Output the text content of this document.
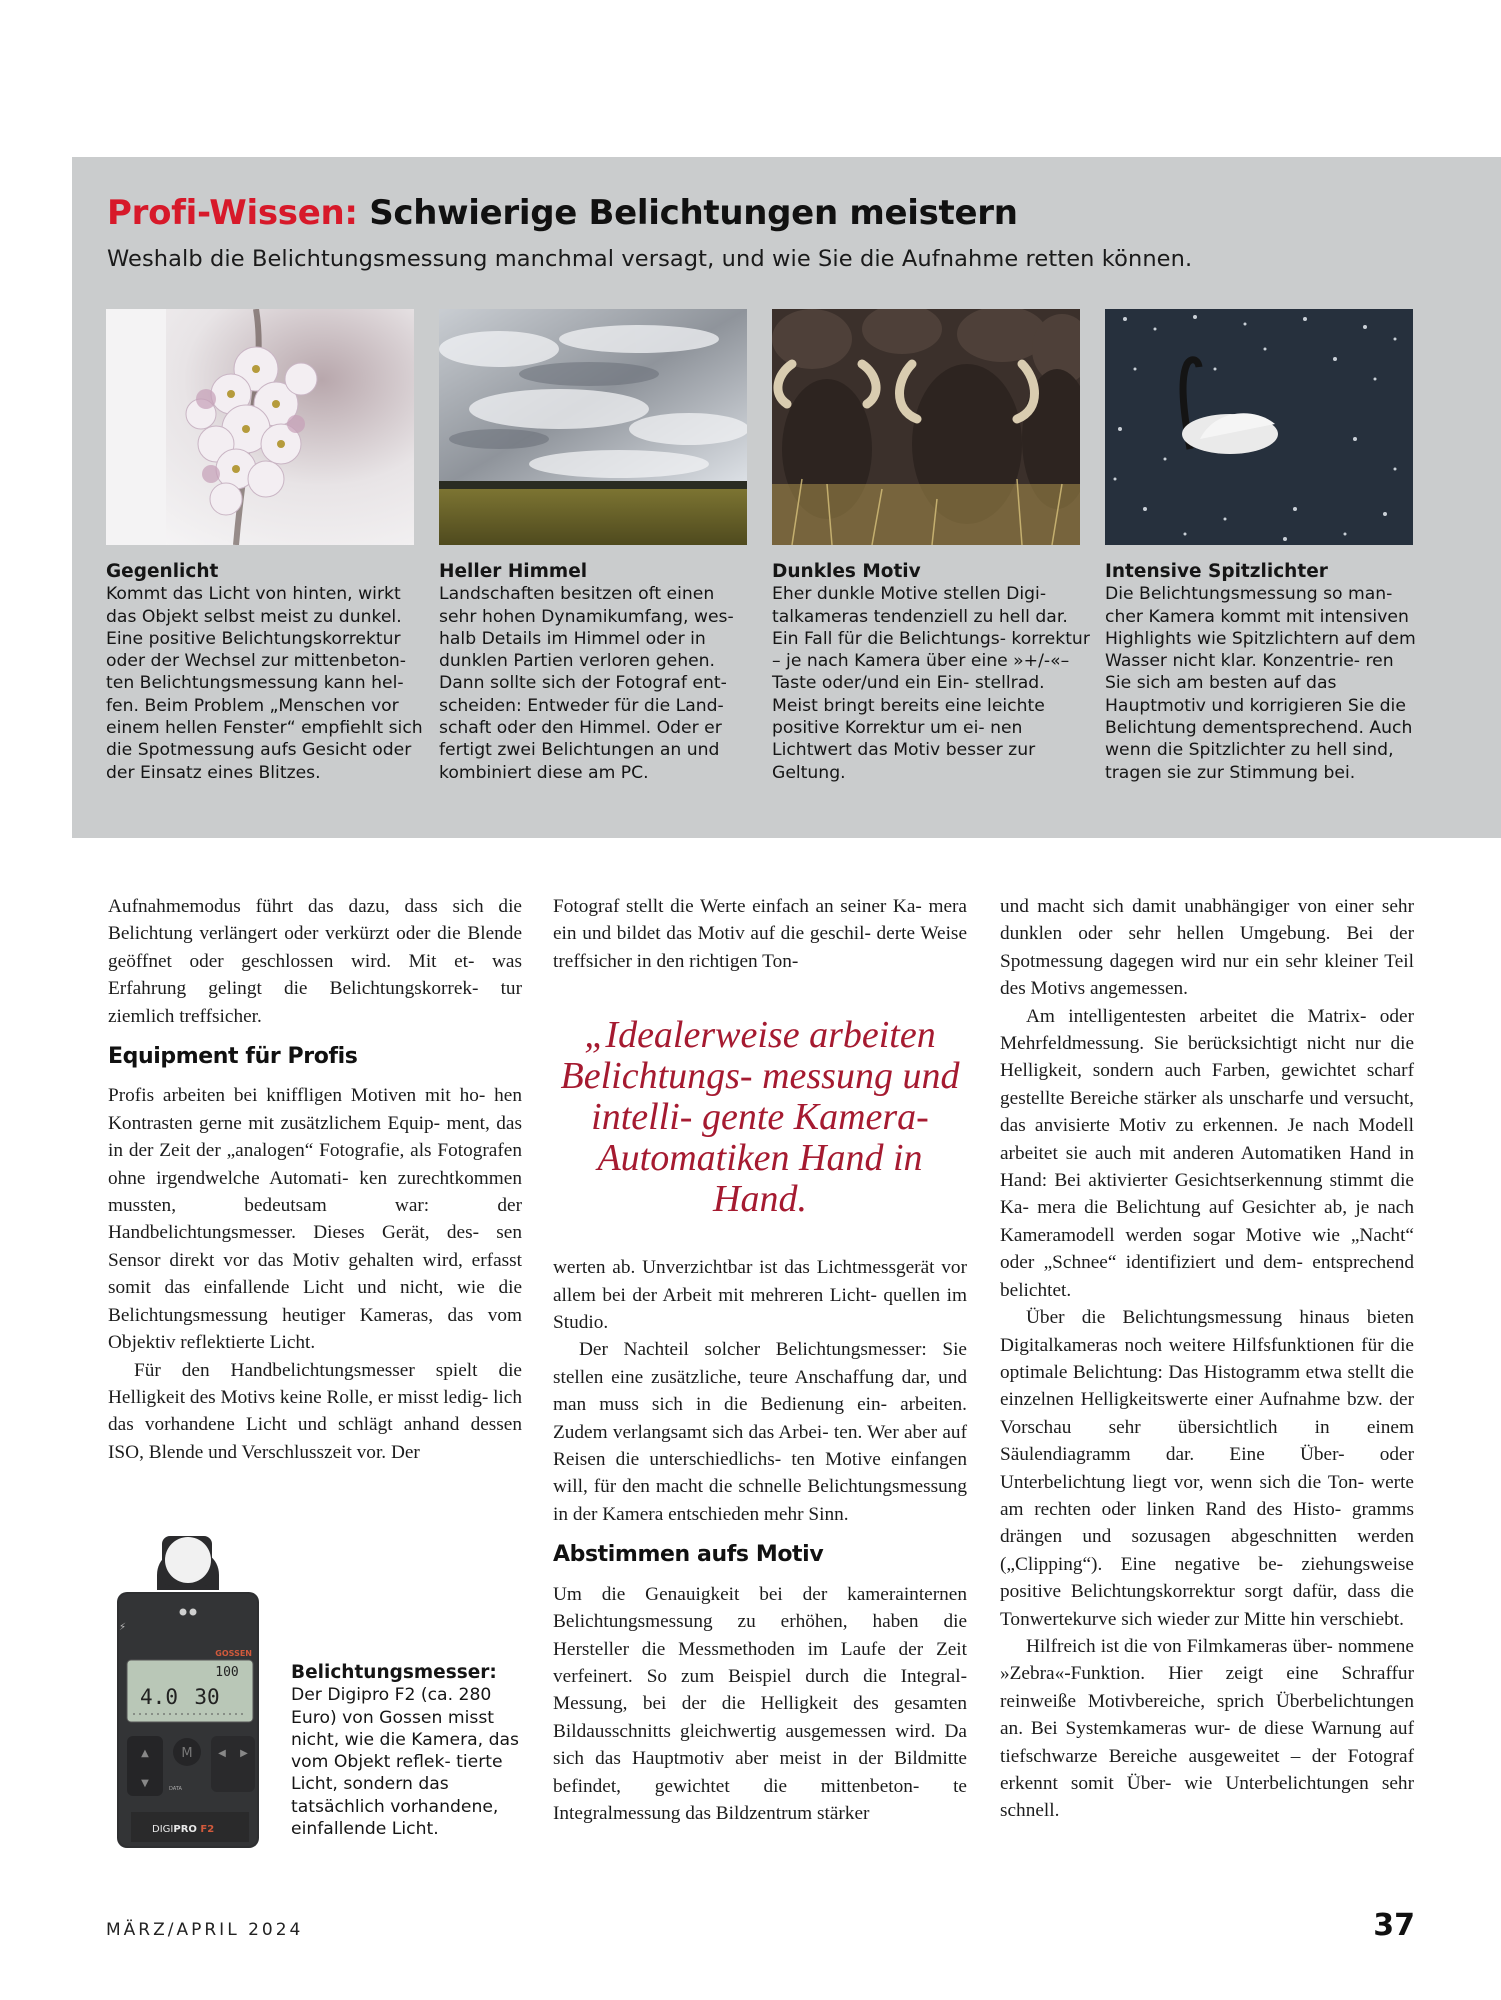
Profi-Wissen: Schwierige Belichtungen meistern
Weshalb die Belichtungsmessung manchmal versagt, und wie Sie die Aufnahme retten können.
Gegenlicht
Kommt das Licht von hinten, wirkt das Objekt selbst meist zu dunkel. Eine positive Belichtungskorrektur oder der Wechsel zur mittenbeton- ten Belichtungsmessung kann hel- fen. Beim Problem „Menschen vor einem hellen Fenster“ empfiehlt sich die Spotmessung aufs Gesicht oder der Einsatz eines Blitzes.
Heller Himmel
Landschaften besitzen oft einen sehr hohen Dynamikumfang, wes- halb Details im Himmel oder in dunklen Partien verloren gehen. Dann sollte sich der Fotograf ent- scheiden: Entweder für die Land- schaft oder den Himmel. Oder er fertigt zwei Belichtungen an und kombiniert diese am PC.
Dunkles Motiv
Eher dunkle Motive stellen Digi- talkameras tendenziell zu hell dar. Ein Fall für die Belichtungs- korrektur – je nach Kamera über eine »+/-«–Taste oder/und ein Ein- stellrad. Meist bringt bereits eine leichte positive Korrektur um ei- nen Lichtwert das Motiv besser zur Geltung.
Intensive Spitzlichter
Die Belichtungsmessung so man- cher Kamera kommt mit intensiven Highlights wie Spitzlichtern auf dem Wasser nicht klar. Konzentrie- ren Sie sich am besten auf das Hauptmotiv und korrigieren Sie die Belichtung dementsprechend. Auch wenn die Spitzlichter zu hell sind, tragen sie zur Stimmung bei.

Aufnahmemodus führt das dazu, dass sich die Belichtung verlängert oder verkürzt oder die Blende geöffnet oder geschlossen wird. Mit et- was Erfahrung gelingt die Belichtungskorrek- tur ziemlich treffsicher.

Equipment für Profis

Profis arbeiten bei kniffligen Motiven mit ho- hen Kontrasten gerne mit zusätzlichem Equip- ment, das in der Zeit der „analogen“ Fotografie, als Fotografen ohne irgendwelche Automati- ken zurechtkommen mussten, bedeutsam war: der Handbelichtungsmesser. Dieses Gerät, des- sen Sensor direkt vor das Motiv gehalten wird, erfasst somit das einfallende Licht und nicht, wie die Belichtungsmessung heutiger Kameras, das vom Objektiv reflektierte Licht.

Für den Handbelichtungsmesser spielt die Helligkeit des Motivs keine Rolle, er misst ledig- lich das vorhandene Licht und schlägt anhand dessen ISO, Blende und Verschlusszeit vor. Der

⚡
GOSSEN
100
4.0 30
▲
▼
M
DATA
◀ ▶
DIGIPRO F2
Belichtungsmesser:
Der Digipro F2 (ca. 280 Euro) von Gossen misst nicht, wie die Kamera, das vom Objekt reflek- tierte Licht, sondern das tatsächlich vorhandene, einfallende Licht.

Fotograf stellt die Werte einfach an seiner Ka- mera ein und bildet das Motiv auf die geschil- derte Weise treffsicher in den richtigen Ton-

„Idealerweise arbeiten Belichtungs- messung und intelli- gente Kamera- Automatiken Hand in Hand.

werten ab. Unverzichtbar ist das Lichtmessgerät vor allem bei der Arbeit mit mehreren Licht- quellen im Studio.

Der Nachteil solcher Belichtungsmesser: Sie stellen eine zusätzliche, teure Anschaffung dar, und man muss sich in die Bedienung ein- arbeiten. Zudem verlangsamt sich das Arbei- ten. Wer aber auf Reisen die unterschiedlichs- ten Motive einfangen will, für den macht die schnelle Belichtungsmessung in der Kamera entschieden mehr Sinn.

Abstimmen aufs Motiv

Um die Genauigkeit bei der kamerainternen Belichtungsmessung zu erhöhen, haben die Hersteller die Messmethoden im Laufe der Zeit verfeinert. So zum Beispiel durch die Integral- Messung, bei der die Helligkeit des gesamten Bildausschnitts gleichwertig ausgemessen wird. Da sich das Hauptmotiv aber meist in der Bildmitte befindet, gewichtet die mittenbeton- te Integralmessung das Bildzentrum stärker

und macht sich damit unabhängiger von einer sehr dunklen oder sehr hellen Umgebung. Bei der Spotmessung dagegen wird nur ein sehr kleiner Teil des Motivs angemessen.

Am intelligentesten arbeitet die Matrix- oder Mehrfeldmessung. Sie berücksichtigt nicht nur die Helligkeit, sondern auch Farben, gewichtet scharf gestellte Bereiche stärker als unscharfe und versucht, das anvisierte Motiv zu erkennen. Je nach Modell arbeitet sie auch mit anderen Automatiken Hand in Hand: Bei aktivierter Gesichtserkennung stimmt die Ka- mera die Belichtung auf Gesichter ab, je nach Kameramodell werden sogar Motive wie „Nacht“ oder „Schnee“ identifiziert und dem- entsprechend belichtet.

Über die Belichtungsmessung hinaus bieten Digitalkameras noch weitere Hilfsfunktionen für die optimale Belichtung: Das Histogramm etwa stellt die einzelnen Helligkeitswerte einer Aufnahme bzw. der Vorschau sehr übersichtlich in einem Säulendiagramm dar. Eine Über- oder Unterbelichtung liegt vor, wenn sich die Ton- werte am rechten oder linken Rand des Histo- gramms drängen und sozusagen abgeschnitten werden („Clipping“). Eine negative be- ziehungsweise positive Belichtungskorrektur sorgt dafür, dass die Tonwertekurve sich wieder zur Mitte hin verschiebt.

Hilfreich ist die von Filmkameras über- nommene »Zebra«-Funktion. Hier zeigt eine Schraffur reinweiße Motivbereiche, sprich Überbelichtungen an. Bei Systemkameras wur- de diese Warnung auf tiefschwarze Bereiche ausgeweitet – der Fotograf erkennt somit Über- wie Unterbelichtungen sehr schnell.

MÄRZ/APRIL 2024	37
